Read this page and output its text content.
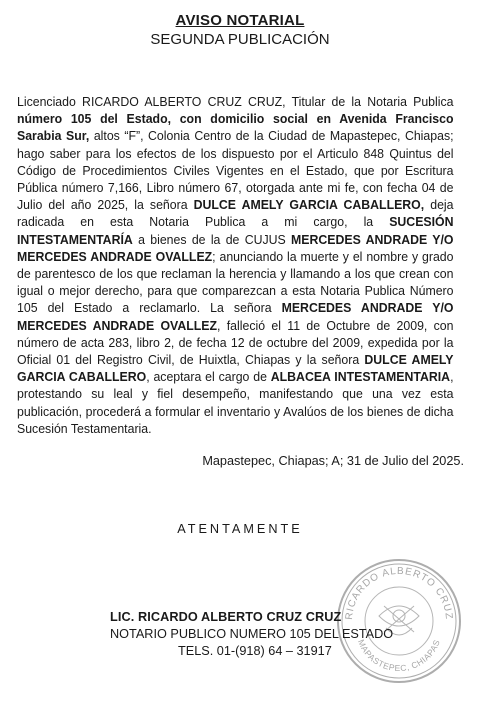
AVISO NOTARIAL
SEGUNDA PUBLICACIÓN
Licenciado RICARDO ALBERTO CRUZ CRUZ, Titular de la Notaria Publica número 105 del Estado, con domicilio social en Avenida Francisco Sarabia Sur, altos “F”, Colonia Centro de la Ciudad de Mapastepec, Chiapas; hago saber para los efectos de los dispuesto por el Articulo 848 Quintus del Código de Procedimientos Civiles Vigentes en el Estado, que por Escritura Pública número 7,166, Libro número 67, otorgada ante mi fe, con fecha 04 de Julio del año 2025, la señora DULCE AMELY GARCIA CABALLERO, deja radicada en esta Notaria Publica a mi cargo, la SUCESIÓN INTESTAMENTARÍA a bienes de la de CUJUS MERCEDES ANDRADE Y/O MERCEDES ANDRADE OVALLEZ; anunciando la muerte y el nombre y grado de parentesco de los que reclaman la herencia y llamando a los que crean con igual o mejor derecho, para que comparezcan a esta Notaria Publica Número 105 del Estado a reclamarlo. La señora MERCEDES ANDRADE Y/O MERCEDES ANDRADE OVALLEZ, falleció el 11 de Octubre de 2009, con número de acta 283, libro 2, de fecha 12 de octubre del 2009, expedida por la Oficial 01 del Registro Civil, de Huixtla, Chiapas y la señora DULCE AMELY GARCIA CABALLERO, aceptara el cargo de ALBACEA INTESTAMENTARIA, protestando su leal y fiel desempeño, manifestando que una vez esta publicación, procederá a formular el inventario y Avalúos de los bienes de dicha Sucesión Testamentaria.
Mapastepec, Chiapas; A; 31 de Julio del 2025.
ATENTAMENTE
RICARDO ALBERTO CRUZ
MAPASTEPEC, CHIAPAS
LIC. RICARDO ALBERTO CRUZ CRUZ
NOTARIO PUBLICO NUMERO 105 DEL ESTADO
TELS. 01-(918) 64 – 31917
